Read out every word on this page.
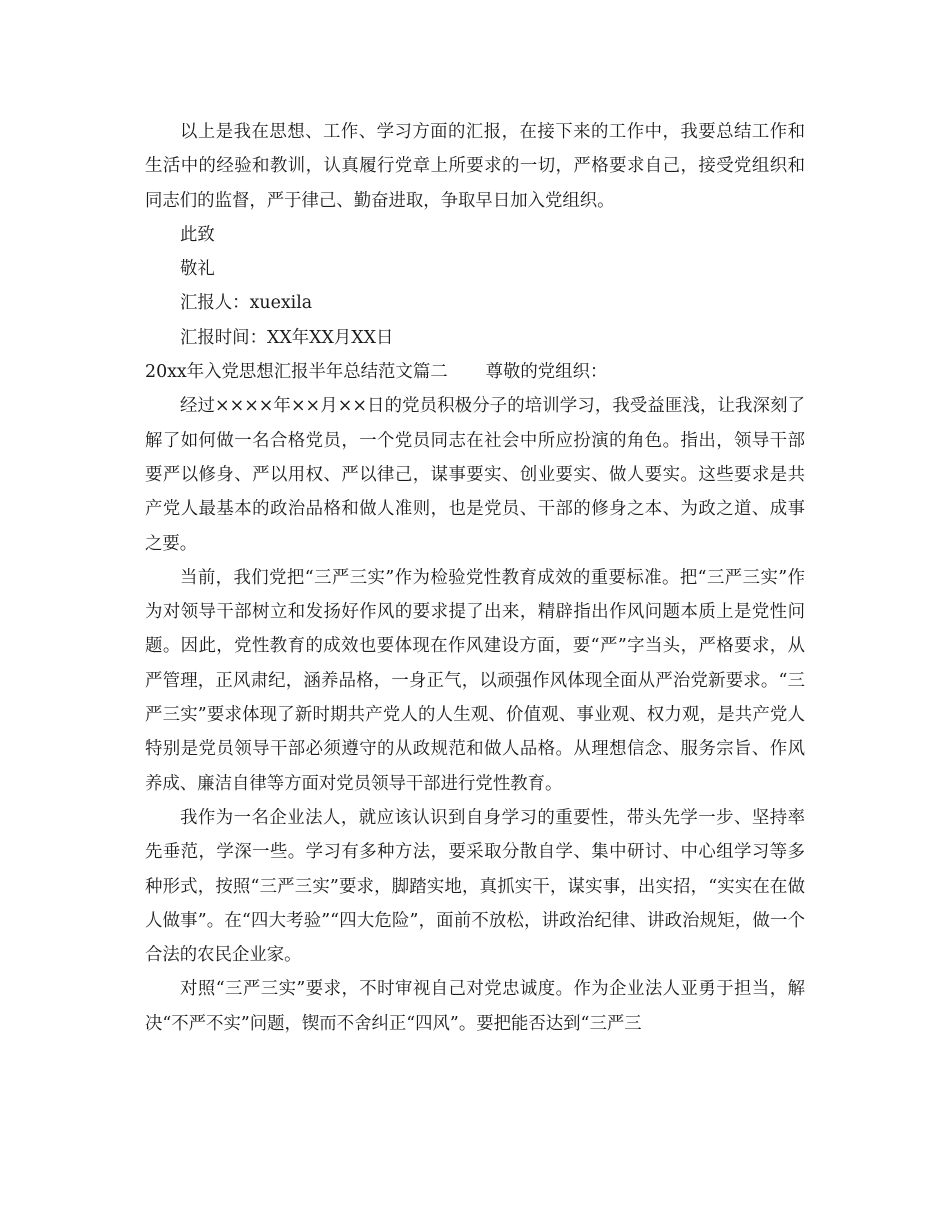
以上是我在思想、工作、学习方面的汇报，在接下来的工作中，我要总结工作和生活中的经验和教训，认真履行党章上所要求的一切，严格要求自己，接受党组织和同志们的监督，严于律己、勤奋进取，争取早日加入党组织。

此致

敬礼

汇报人：xuexila

汇报时间：XX年XX月XX日

20xx年入党思想汇报半年总结范文篇二 尊敬的党组织：

经过××××年××月××日的党员积极分子的培训学习，我受益匪浅，让我深刻了解了如何做一名合格党员，一个党员同志在社会中所应扮演的角色。指出，领导干部要严以修身、严以用权、严以律己，谋事要实、创业要实、做人要实。这些要求是共产党人最基本的政治品格和做人准则，也是党员、干部的修身之本、为政之道、成事之要。

当前，我们党把“三严三实”作为检验党性教育成效的重要标准。把“三严三实”作为对领导干部树立和发扬好作风的要求提了出来，精辟指出作风问题本质上是党性问题。因此，党性教育的成效也要体现在作风建设方面，要“严”字当头，严格要求，从严管理，正风肃纪，涵养品格，一身正气，以顽强作风体现全面从严治党新要求。“三严三实”要求体现了新时期共产党人的人生观、价值观、事业观、权力观，是共产党人特别是党员领导干部必须遵守的从政规范和做人品格。从理想信念、服务宗旨、作风养成、廉洁自律等方面对党员领导干部进行党性教育。

我作为一名企业法人，就应该认识到自身学习的重要性，带头先学一步、坚持率先垂范，学深一些。学习有多种方法，要采取分散自学、集中研讨、中心组学习等多种形式，按照“三严三实”要求，脚踏实地，真抓实干，谋实事，出实招，“实实在在做人做事”。在“四大考验”“四大危险”，面前不放松，讲政治纪律、讲政治规矩，做一个合法的农民企业家。

对照“三严三实”要求，不时审视自己对党忠诚度。作为企业法人亚勇于担当，解决“不严不实”问题，锲而不舍纠正“四风”。要把能否达到“三严三
